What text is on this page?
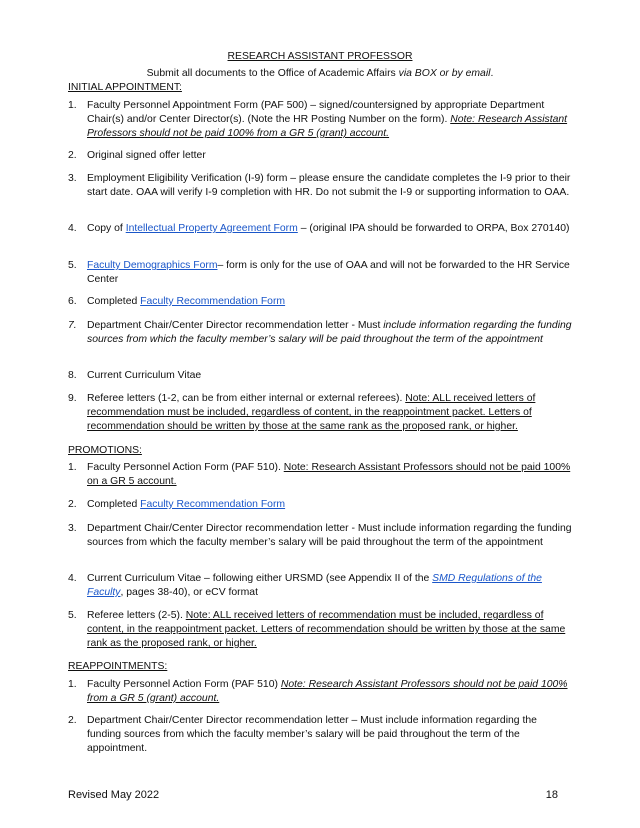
RESEARCH ASSISTANT PROFESSOR
Submit all documents to the Office of Academic Affairs via BOX or by email.
INITIAL APPOINTMENT:
1. Faculty Personnel Appointment Form (PAF 500) – signed/countersigned by appropriate Department Chair(s) and/or Center Director(s). (Note the HR Posting Number on the form). Note: Research Assistant Professors should not be paid 100% from a GR 5 (grant) account.
2. Original signed offer letter
3. Employment Eligibility Verification (I-9) form – please ensure the candidate completes the I-9 prior to their start date. OAA will verify I-9 completion with HR. Do not submit the I-9 or supporting information to OAA.
4. Copy of Intellectual Property Agreement Form – (original IPA should be forwarded to ORPA, Box 270140)
5. Faculty Demographics Form– form is only for the use of OAA and will not be forwarded to the HR Service Center
6. Completed Faculty Recommendation Form
7. Department Chair/Center Director recommendation letter - Must include information regarding the funding sources from which the faculty member’s salary will be paid throughout the term of the appointment
8. Current Curriculum Vitae
9. Referee letters (1-2, can be from either internal or external referees). Note: ALL received letters of recommendation must be included, regardless of content, in the reappointment packet. Letters of recommendation should be written by those at the same rank as the proposed rank, or higher.
PROMOTIONS:
1. Faculty Personnel Action Form (PAF 510). Note: Research Assistant Professors should not be paid 100% on a GR 5 account.
2. Completed Faculty Recommendation Form
3. Department Chair/Center Director recommendation letter - Must include information regarding the funding sources from which the faculty member’s salary will be paid throughout the term of the appointment
4. Current Curriculum Vitae – following either URSMD (see Appendix II of the SMD Regulations of the Faculty, pages 38-40), or eCV format
5. Referee letters (2-5). Note: ALL received letters of recommendation must be included, regardless of content, in the reappointment packet. Letters of recommendation should be written by those at the same rank as the proposed rank, or higher.
REAPPOINTMENTS:
1. Faculty Personnel Action Form (PAF 510) Note: Research Assistant Professors should not be paid 100% from a GR 5 (grant) account.
2. Department Chair/Center Director recommendation letter – Must include information regarding the funding sources from which the faculty member’s salary will be paid throughout the term of the appointment.
Revised May 2022	18
